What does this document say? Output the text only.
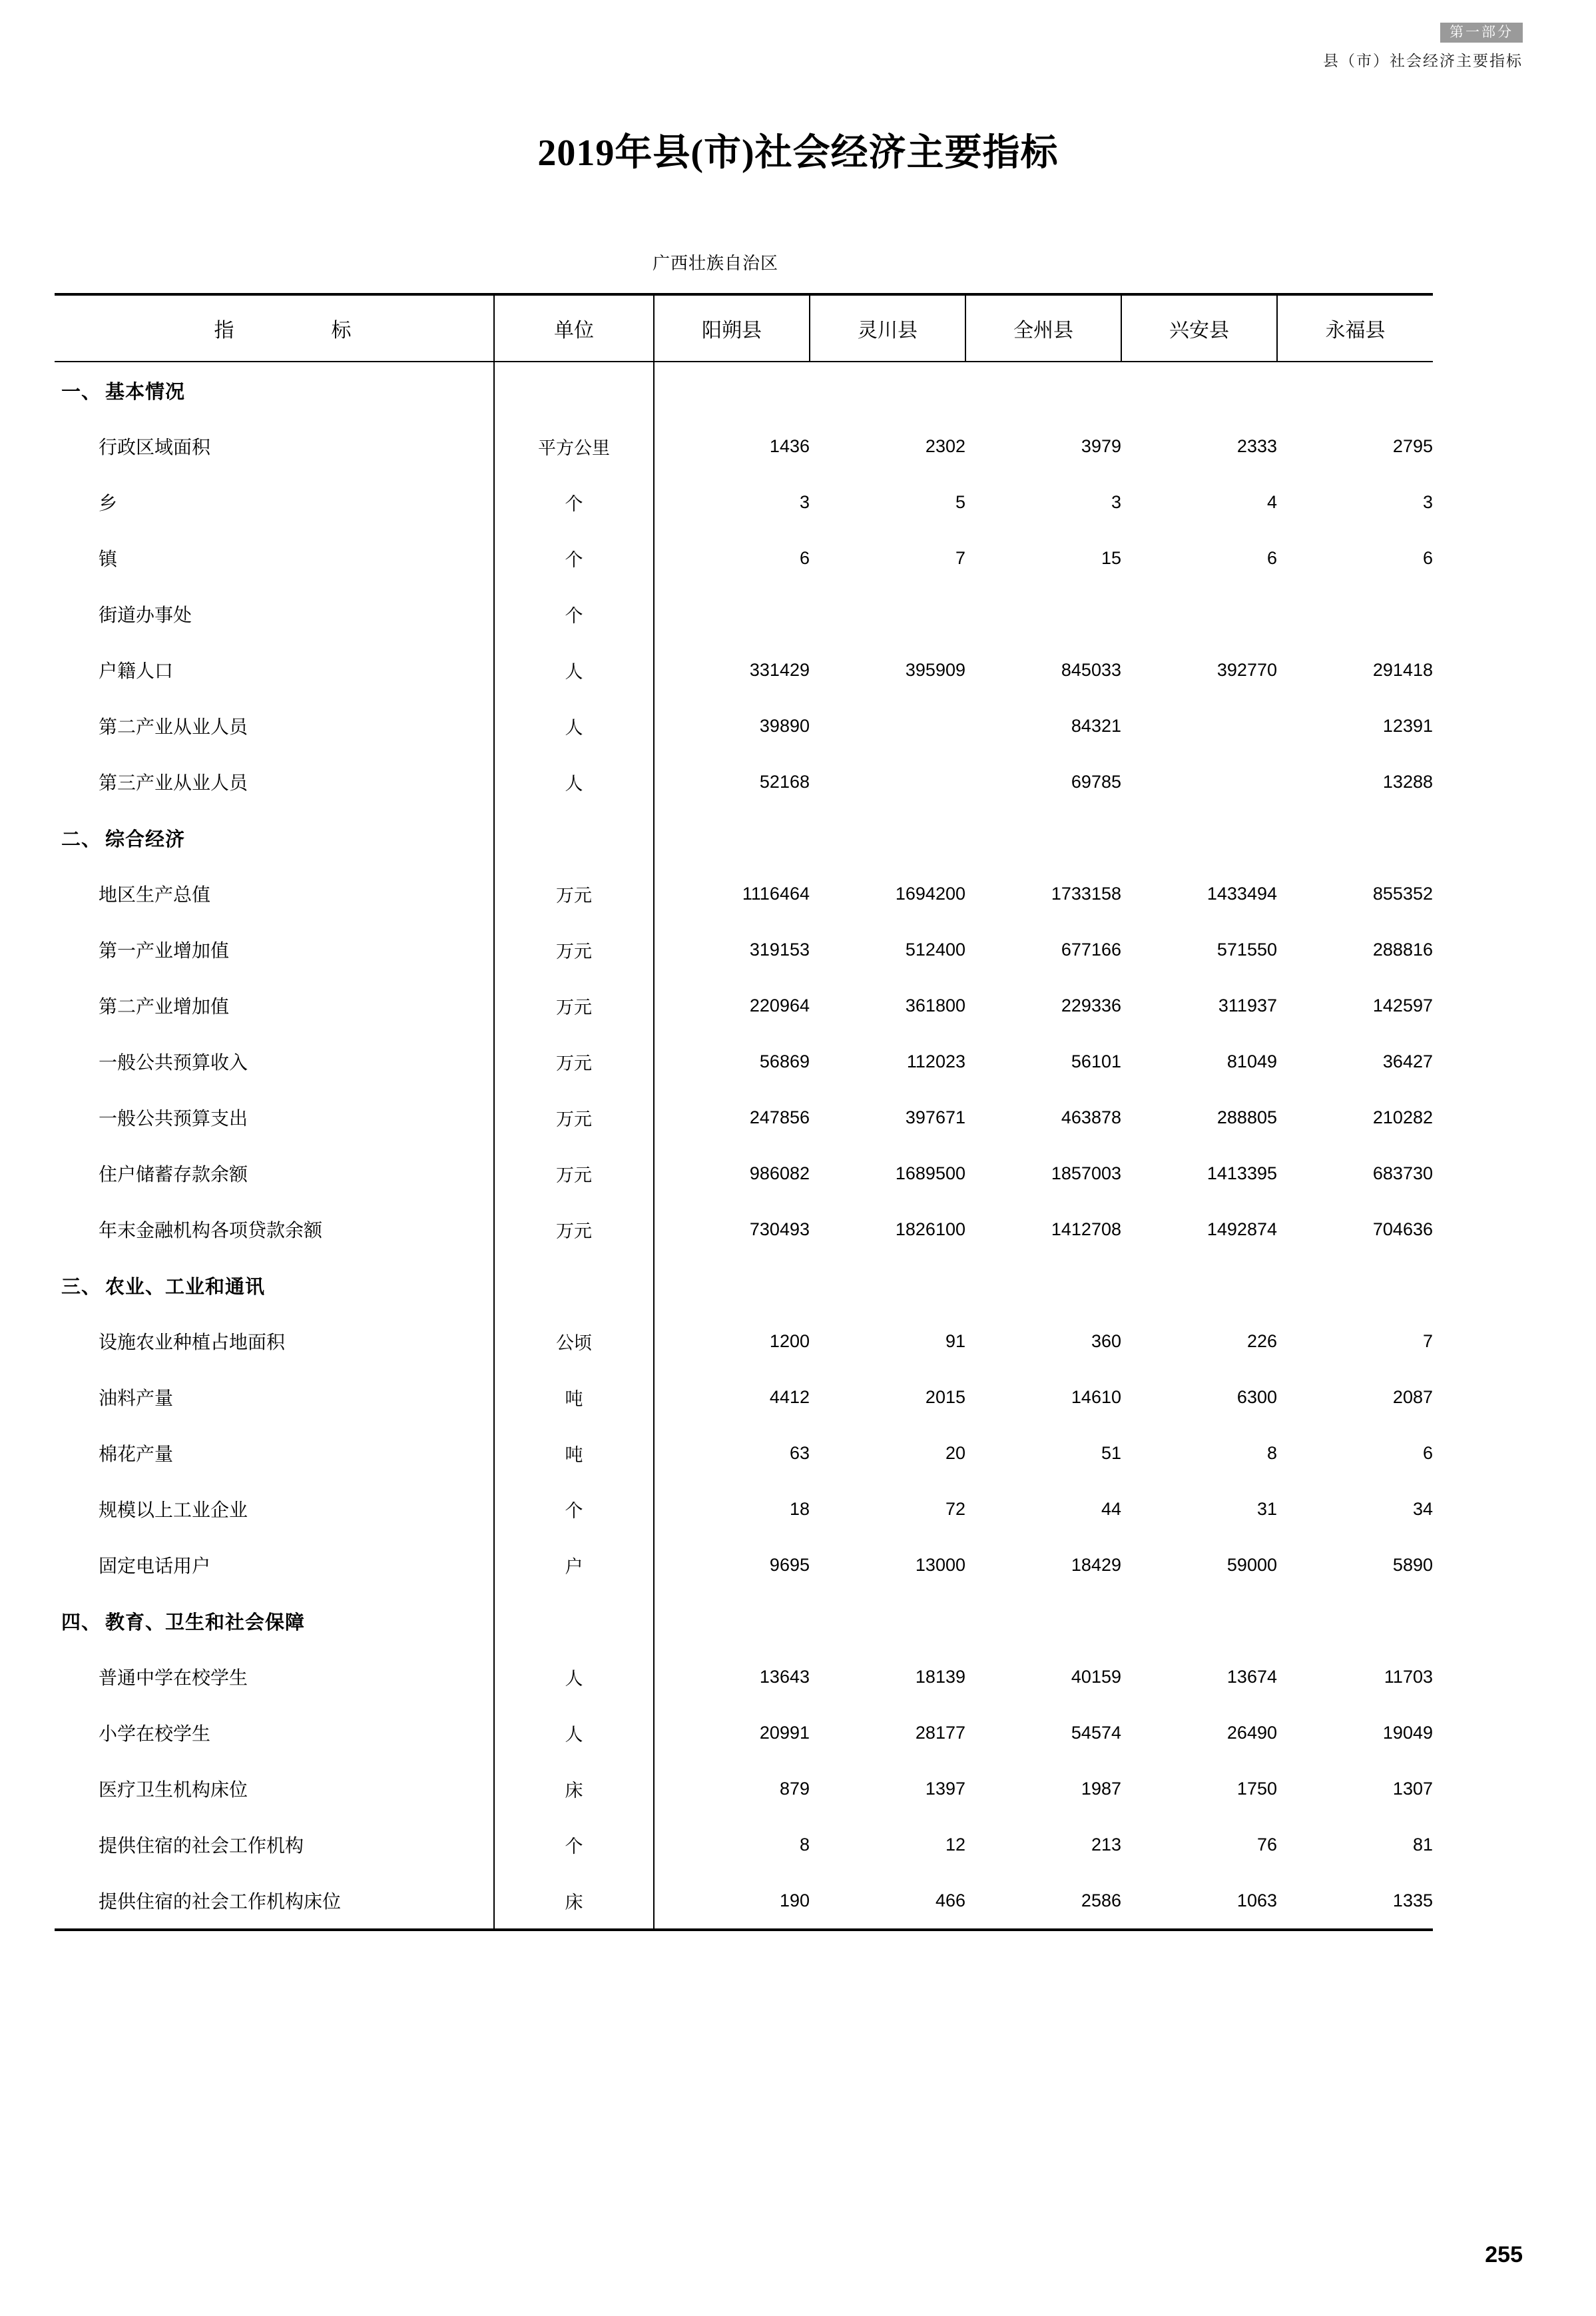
第一部分
县（市）社会经济主要指标
2019年县(市)社会经济主要指标
广西壮族自治区
指　　　标	单位	阳朔县	灵川县	全州县	兴安县	永福县
一、 基本情况						
行政区域面积	平方公里	1436	2302	3979	2333	2795
乡	个	3	5	3	4	3
镇	个	6	7	15	6	6
街道办事处	个					
户籍人口	人	331429	395909	845033	392770	291418
第二产业从业人员	人	39890		84321		12391
第三产业从业人员	人	52168		69785		13288
二、 综合经济						
地区生产总值	万元	1116464	1694200	1733158	1433494	855352
第一产业增加值	万元	319153	512400	677166	571550	288816
第二产业增加值	万元	220964	361800	229336	311937	142597
一般公共预算收入	万元	56869	112023	56101	81049	36427
一般公共预算支出	万元	247856	397671	463878	288805	210282
住户储蓄存款余额	万元	986082	1689500	1857003	1413395	683730
年末金融机构各项贷款余额	万元	730493	1826100	1412708	1492874	704636
三、 农业、工业和通讯						
设施农业种植占地面积	公顷	1200	91	360	226	7
油料产量	吨	4412	2015	14610	6300	2087
棉花产量	吨	63	20	51	8	6
规模以上工业企业	个	18	72	44	31	34
固定电话用户	户	9695	13000	18429	59000	5890
四、 教育、卫生和社会保障						
普通中学在校学生	人	13643	18139	40159	13674	11703
小学在校学生	人	20991	28177	54574	26490	19049
医疗卫生机构床位	床	879	1397	1987	1750	1307
提供住宿的社会工作机构	个	8	12	213	76	81
提供住宿的社会工作机构床位	床	190	466	2586	1063	1335
255
